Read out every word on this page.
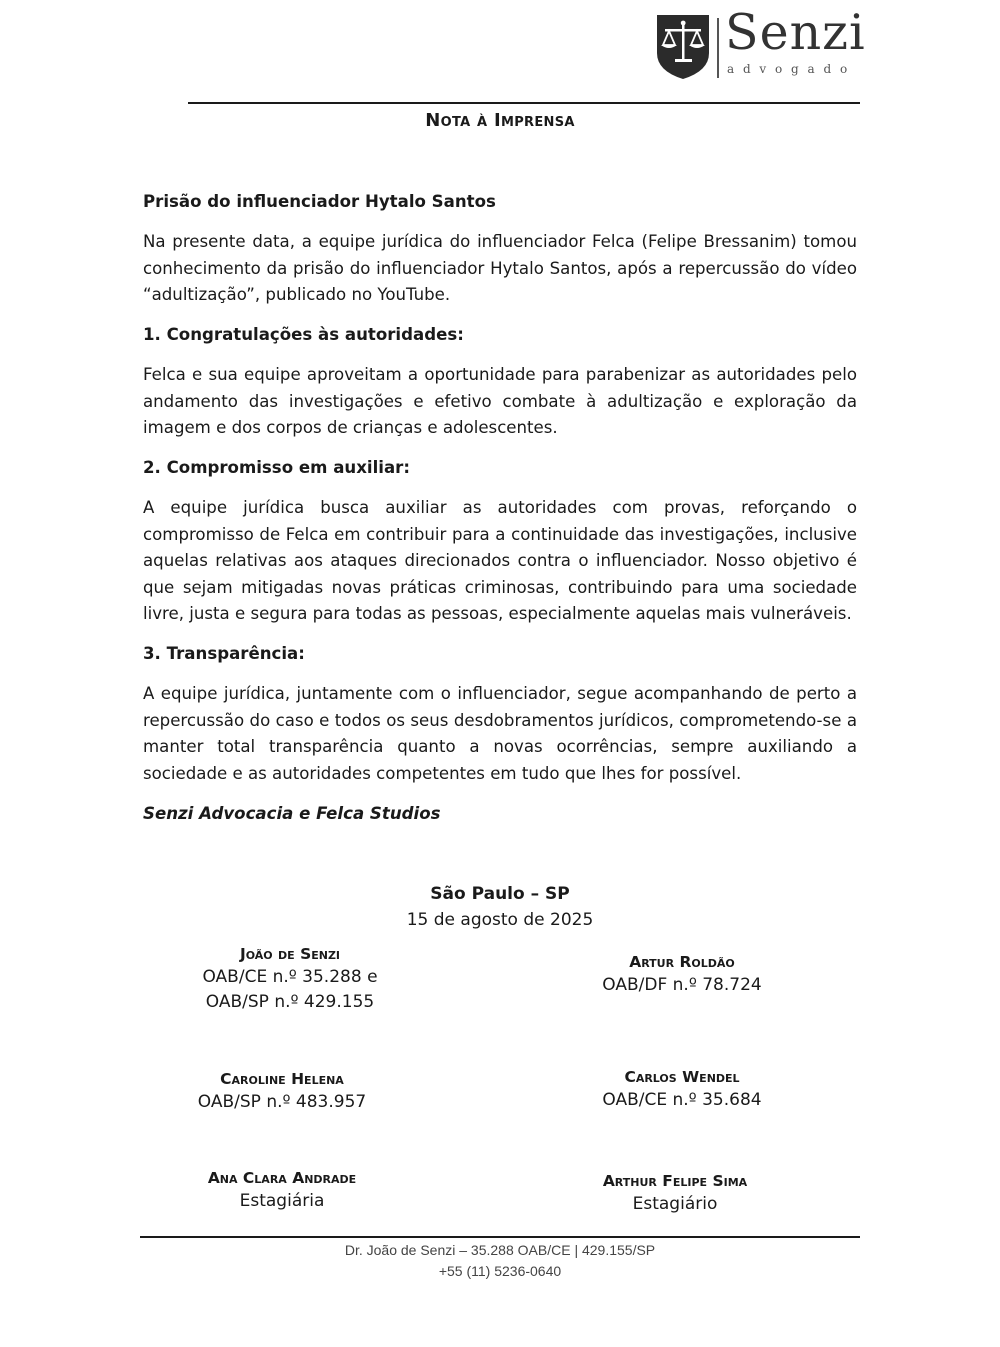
Senzi
advogado
Nota à Imprensa
Prisão do influenciador Hytalo Santos
Na presente data, a equipe jurídica do influenciador Felca (Felipe Bressanim) tomou conhecimento da prisão do influenciador Hytalo Santos, após a repercussão do vídeo “adultização”, publicado no YouTube.
1. Congratulações às autoridades:
Felca e sua equipe aproveitam a oportunidade para parabenizar as autoridades pelo andamento das investigações e efetivo combate à adultização e exploração da imagem e dos corpos de crianças e adolescentes.
2. Compromisso em auxiliar:
A equipe jurídica busca auxiliar as autoridades com provas, reforçando o compromisso de Felca em contribuir para a continuidade das investigações, inclusive aquelas relativas aos ataques direcionados contra o influenciador. Nosso objetivo é que sejam mitigadas novas práticas criminosas, contribuindo para uma sociedade livre, justa e segura para todas as pessoas, especialmente aquelas mais vulneráveis.
3. Transparência:
A equipe jurídica, juntamente com o influenciador, segue acompanhando de perto a repercussão do caso e todos os seus desdobramentos jurídicos, comprometendo-se a manter total transparência quanto a novas ocorrências, sempre auxiliando a sociedade e as autoridades competentes em tudo que lhes for possível.
Senzi Advocacia e Felca Studios
São Paulo – SP
15 de agosto de 2025
João de Senzi
OAB/CE n.º 35.288 e
OAB/SP n.º 429.155
Artur Roldão
OAB/DF n.º 78.724
Caroline Helena
OAB/SP n.º 483.957
Carlos Wendel
OAB/CE n.º 35.684
Ana Clara Andrade
Estagiária
Arthur Felipe Sima
Estagiário
Dr. João de Senzi – 35.288 OAB/CE | 429.155/SP
+55 (11) 5236-0640
